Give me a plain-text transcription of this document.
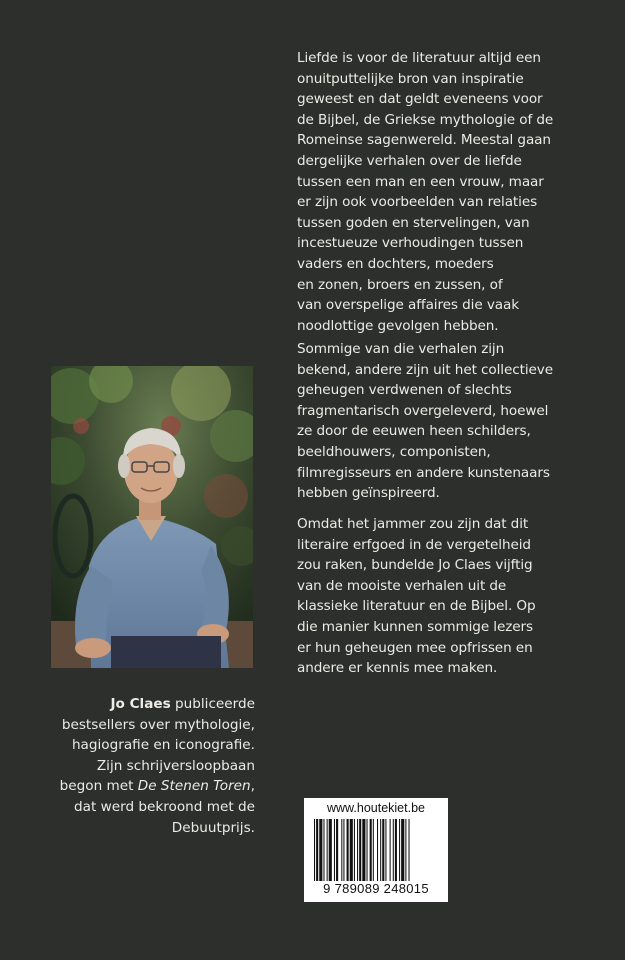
Liefde is voor de literatuur altijd een
onuitputtelijke bron van inspiratie
geweest en dat geldt eveneens voor
de Bijbel, de Griekse mythologie of de
Romeinse sagenwereld. Meestal gaan
dergelijke verhalen over de liefde
tussen een man en een vrouw, maar
er zijn ook voorbeelden van relaties
tussen goden en stervelingen, van
incestueuze verhoudingen tussen
vaders en dochters, moeders
en zonen, broers en zussen, of
van overspelige affaires die vaak
noodlottige gevolgen hebben.
Sommige van die verhalen zijn
bekend, andere zijn uit het collectieve
geheugen verdwenen of slechts
fragmentarisch overgeleverd, hoewel
ze door de eeuwen heen schilders,
beeldhouwers, componisten,
filmregisseurs en andere kunstenaars
hebben geïnspireerd.
Omdat het jammer zou zijn dat dit
literaire erfgoed in de vergetelheid
zou raken, bundelde Jo Claes vijftig
van de mooiste verhalen uit de
klassieke literatuur en de Bijbel. Op
die manier kunnen sommige lezers
er hun geheugen mee opfrissen en
andere er kennis mee maken.
Jo Claes publiceerde
bestsellers over mythologie,
hagiografie en iconografie.
Zijn schrijversloopbaan
begon met De Stenen Toren,
dat werd bekroond met de
Debuutprijs.
www.houtekiet.be
9 789089 248015
